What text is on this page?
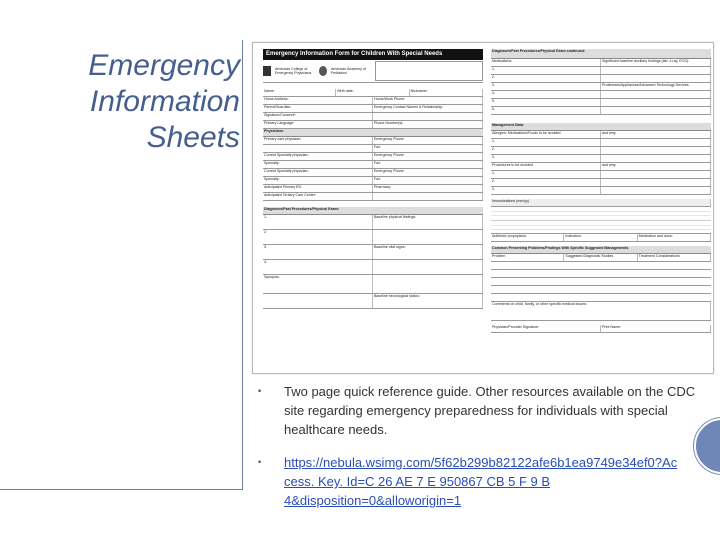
Emergency
Information
Sheets
Emergency Information Form for Children With Special Needs
American College of Emergency Physicians
American Academy of Pediatrics
Name:	Birth date:	Nickname:
Home Address:	Home/Work Phone:
Parent/Guardian:	Emergency Contact Names & Relationship:
Signature/Consent*:
Primary Language:	Phone Number(s):
Physicians:
Primary care physician:	Emergency Phone:
Fax:
Current Specialty physician:	Emergency Phone:
Specialty:	Fax:
Current Specialty physician:	Emergency Phone:
Specialty:	Fax:
Anticipated Primary ED:	Pharmacy:
Anticipated Tertiary Care Center:
Diagnoses/Past Procedures/Physical Exam:
1.	Baseline physical findings:
2.
3.	Baseline vital signs:
4.
Synopsis:
Baseline neurological status:
Diagnoses/Past Procedures/Physical Exam continued:
Medications:	Significant baseline ancillary findings (lab, x-ray, ECG):
1.
2.
3.	Prostheses/Appliances/Advanced Technology Devices:
4.
5.
6.
Management Data:
Allergies: Medications/Foods to be avoided	and why:
1.
2.
3.
Procedures to be avoided	and why:
1.
2.
3.
Immunizations (mm/yy)
Antibiotic prophylaxis:	Indication:	Medication and dose:
Common Presenting Problems/Findings With Specific Suggested Managements
Problem	Suggested Diagnostic Studies	Treatment Considerations
Comments on child, family, or other specific medical issues:
Physician/Provider Signature:	Print Name:
•	Two page quick reference guide. Other resources available on the CDC site regarding emergency preparedness for individuals with special healthcare needs.
•	https://nebula.wsimg.com/5f62b299b82122afe6b1ea9749e34ef0?Ac cess. Key. Id=C 26 AE 7 E 950867 CB 5 F 9 B 4&disposition=0&alloworigin=1
